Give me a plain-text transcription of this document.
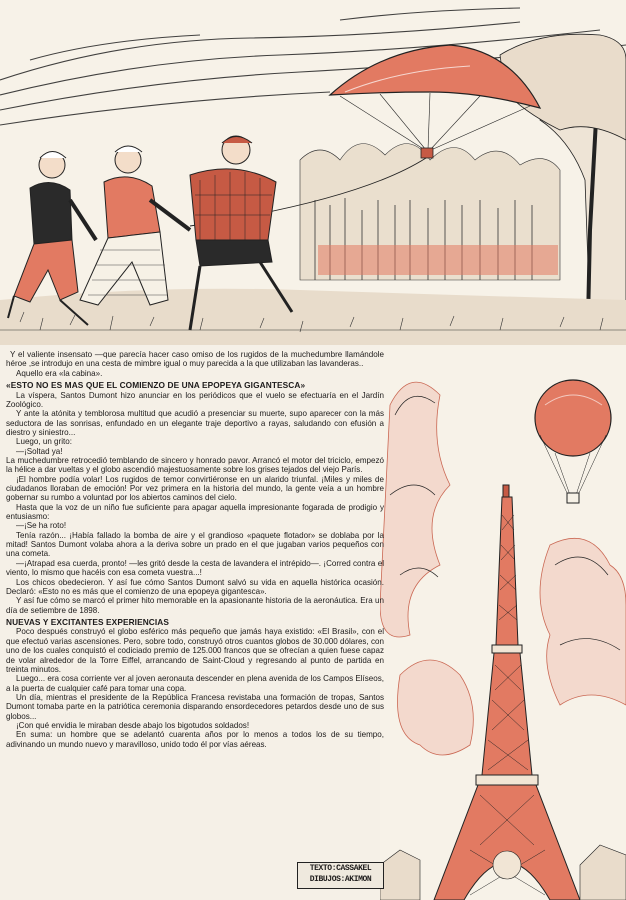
Y el valiente insensato —que parecía hacer caso omiso de los rugidos de la muchedumbre llamándole héroe ,se introdujo en una cesta de mimbre igual o muy parecida a la que utilizaban las lavanderas..

Aquello era «la cabina».

«ESTO NO ES MAS QUE EL COMIENZO DE UNA EPOPEYA GIGANTESCA»

La víspera, Santos Dumont hizo anunciar en los periódicos que el vuelo se efectuaría en el Jardín Zoológico.

Y ante la atónita y temblorosa multitud que acudió a presenciar su muerte, supo aparecer con la más seductora de las sonrisas, enfundado en un elegante traje deportivo a rayas, saludando con efusión a diestro y siniestro...

Luego, un grito:

—¡Soltad ya!

La muchedumbre retrocedió temblando de sincero y honrado pavor. Arrancó el motor del triciclo, empezó la hélice a dar vueltas y el globo ascendió majestuosamente sobre los grises tejados del viejo París.

¡El hombre podía volar! Los rugidos de temor convirtiéronse en un alarido triunfal. ¡Miles y miles de ciudadanos lloraban de emoción! Por vez primera en la historia del mundo, la gente veía a un hombre gobernar su rumbo a voluntad por los abiertos caminos del cielo.

Hasta que la voz de un niño fue suficiente para apagar aquella impresionante fogarada de prodigio y entusiasmo:

—¡Se ha roto!

Tenía razón... ¡Había fallado la bomba de aire y el grandioso «paquete flotador» se doblaba por la mitad! Santos Dumont volaba ahora a la deriva sobre un prado en el que jugaban varios pequeños con una cometa.

—¡Atrapad esa cuerda, pronto! —les gritó desde la cesta de lavandera el intrépido—. ¡Corred contra el viento, lo mismo que hacéis con esa cometa vuestra...!

Los chicos obedecieron. Y así fue cómo Santos Dumont salvó su vida en aquella histórica ocasión. Declaró: «Esto no es más que el comienzo de una epopeya gigantesca».

Y así fue cómo se marcó el primer hito memorable en la apasionante historia de la aeronáutica. Era un día de setiembre de 1898.

NUEVAS Y EXCITANTES EXPERIENCIAS

Poco después construyó el globo esférico más pequeño que jamás haya existido: «El Brasil», con el que efectuó varias ascensiones. Pero, sobre todo, construyó otros cuantos globos de 30.000 dólares, con uno de los cuales conquistó el codiciado premio de 125.000 francos que se ofrecían a quien fuese capaz de volar alrededor de la Torre Eiffel, arrancando de Saint-Cloud y regresando al punto de partida en treinta minutos.

Luego... era cosa corriente ver al joven aeronauta descender en plena avenida de los Campos Elíseos, a la puerta de cualquier café para tomar una copa.

Un día, mientras el presidente de la República Francesa revistaba una formación de tropas, Santos Dumont tomaba parte en la patriótica ceremonia disparando ensordecedores petardos desde uno de sus globos...

¡Con qué envidia le miraban desde abajo los bigotudos soldados!

En suma: un hombre que se adelantó cuarenta años por lo menos a todos los de su tiempo, adivinando un mundo nuevo y maravilloso, unido todo él por vías aéreas.

TEXTO:CASSAKEL
DIBUJOS:AKIMON
